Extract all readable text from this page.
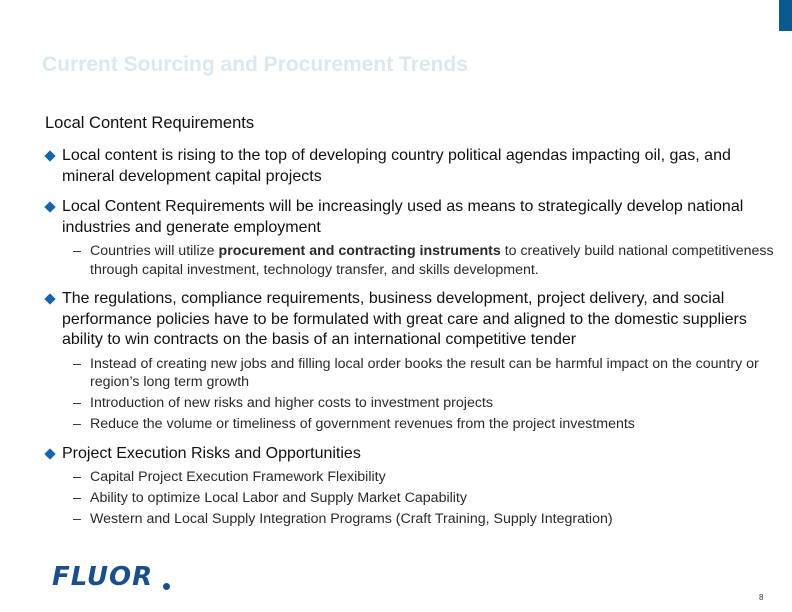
Current Sourcing and Procurement Trends
Local Content Requirements
Local content is rising to the top of developing country political agendas impacting oil, gas, and mineral development capital projects
Local Content Requirements will be increasingly used as means to strategically develop national industries and generate employment
– Countries will utilize procurement and contracting instruments to creatively build national competitiveness through capital investment, technology transfer, and skills development.
The regulations, compliance requirements, business development, project delivery, and social performance policies have to be formulated with great care and aligned to the domestic suppliers ability to win contracts on the basis of an international competitive tender
– Instead of creating new jobs and filling local order books the result can be harmful impact on the country or region’s long term growth
– Introduction of new risks and higher costs to investment projects
– Reduce the volume or timeliness of government revenues from the project investments
Project Execution Risks and Opportunities
– Capital Project Execution Framework Flexibility
– Ability to optimize Local Labor and Supply Market Capability
– Western and Local Supply Integration Programs (Craft Training, Supply Integration)
FLUOR
8
